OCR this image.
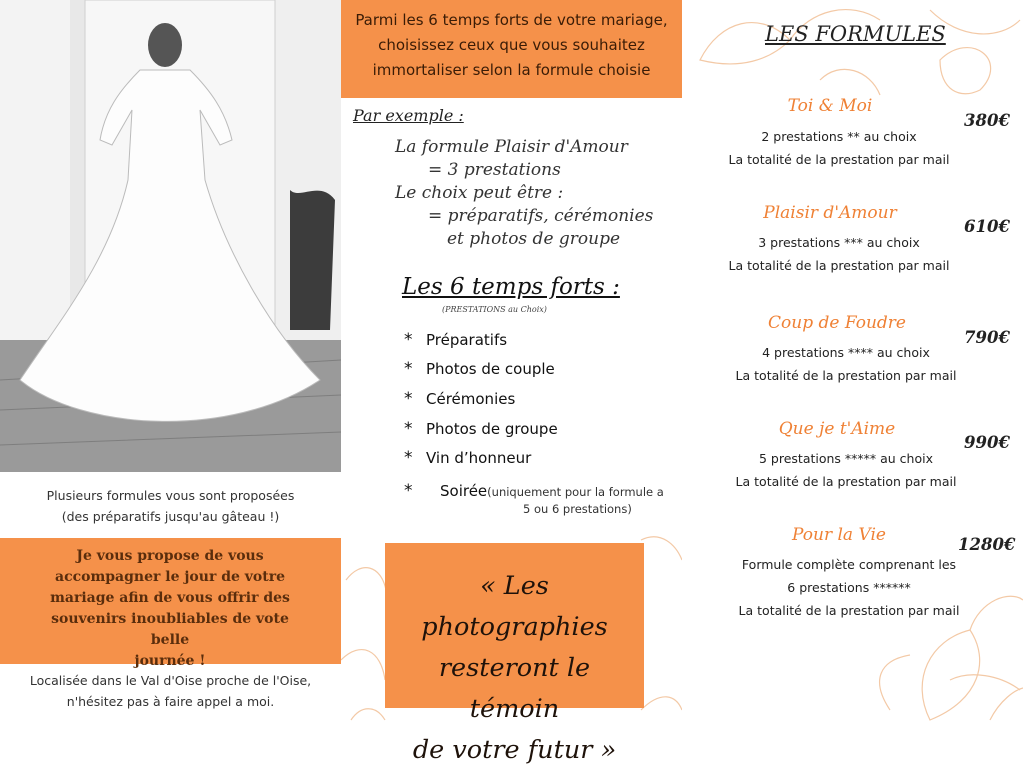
Plusieurs formules vous sont proposées
(des préparatifs jusqu'au gâteau !)
Je vous propose de vous
accompagner le jour de votre
mariage afin de vous offrir des
souvenirs inoubliables de vote belle
journée !
Localisée dans le Val d'Oise proche de l'Oise,
n'hésitez pas à faire appel a moi.
Parmi les 6 temps forts de votre mariage,
choisissez ceux que vous souhaitez
immortaliser selon la formule choisie
Par exemple :
La formule Plaisir d'Amour
= 3 prestations
Le choix peut être :
= préparatifs, cérémonies
et photos de groupe
Les 6 temps forts :
(PRESTATIONS au Choix)
* Préparatifs
* Photos de couple
* Cérémonies
* Photos de groupe
* Vin d’honneur
* Soirée(uniquement pour la formule a
5 ou 6 prestations)
« Les photographies
resteront le témoin
de votre futur »
LES FORMULES
Toi & Moi
380€
2 prestations ** au choix
La totalité de la prestation par mail
Plaisir d'Amour
610€
3 prestations *** au choix
La totalité de la prestation par mail
Coup de Foudre
790€
4 prestations **** au choix
La totalité de la prestation par mail
Que je t'Aime
990€
5 prestations ***** au choix
La totalité de la prestation par mail
Pour la Vie	1280€
Formule complète comprenant les
6 prestations ******
La totalité de la prestation par mail
